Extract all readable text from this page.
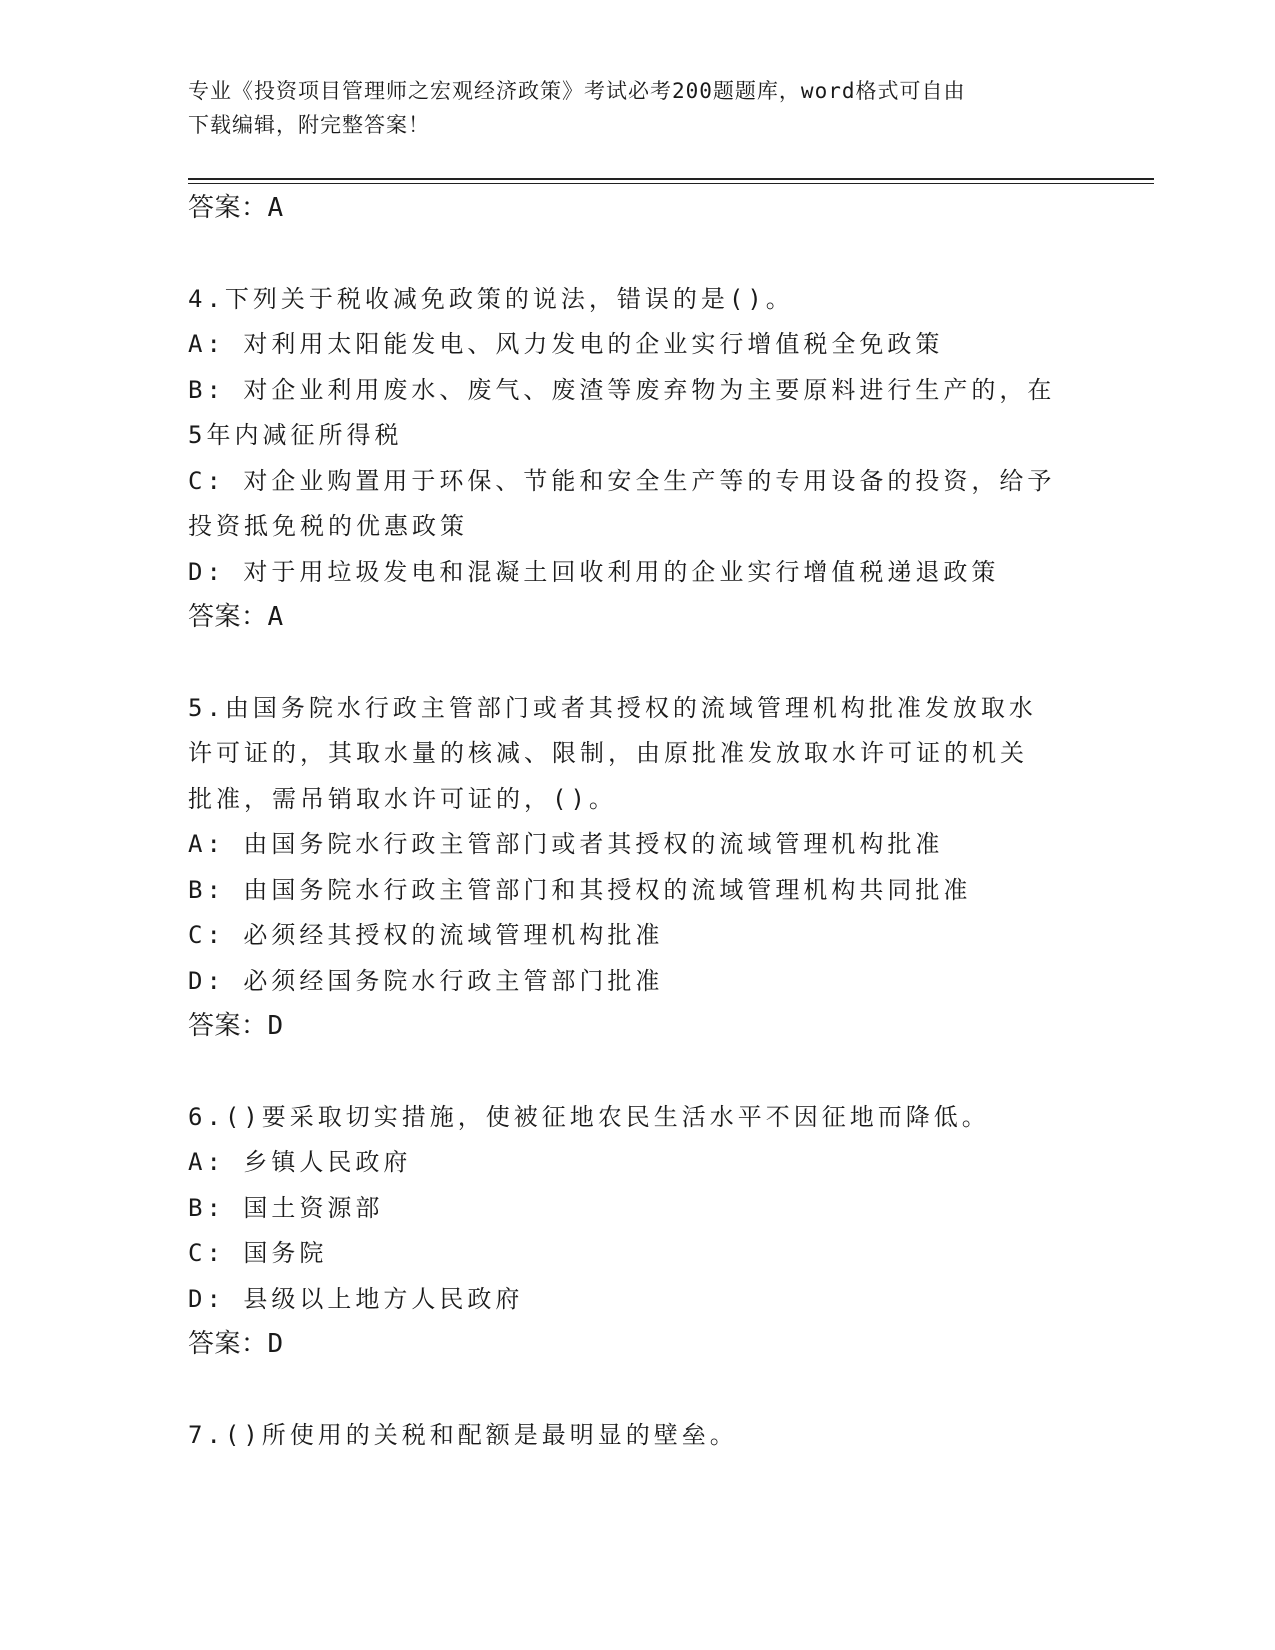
专业《投资项目管理师之宏观经济政策》考试必考200题题库，word格式可自由
下载编辑，附完整答案！
答案：A
4.下列关于税收减免政策的说法，错误的是()。
A: 对利用太阳能发电、风力发电的企业实行增值税全免政策
B: 对企业利用废水、废气、废渣等废弃物为主要原料进行生产的，在
5年内减征所得税
C: 对企业购置用于环保、节能和安全生产等的专用设备的投资，给予
投资抵免税的优惠政策
D: 对于用垃圾发电和混凝土回收利用的企业实行增值税递退政策
答案：A
5.由国务院水行政主管部门或者其授权的流域管理机构批准发放取水
许可证的，其取水量的核减、限制，由原批准发放取水许可证的机关
批准，需吊销取水许可证的，()。
A: 由国务院水行政主管部门或者其授权的流域管理机构批准
B: 由国务院水行政主管部门和其授权的流域管理机构共同批准
C: 必须经其授权的流域管理机构批准
D: 必须经国务院水行政主管部门批准
答案：D
6.()要采取切实措施，使被征地农民生活水平不因征地而降低。
A: 乡镇人民政府
B: 国土资源部
C: 国务院
D: 县级以上地方人民政府
答案：D
7.()所使用的关税和配额是最明显的壁垒。
